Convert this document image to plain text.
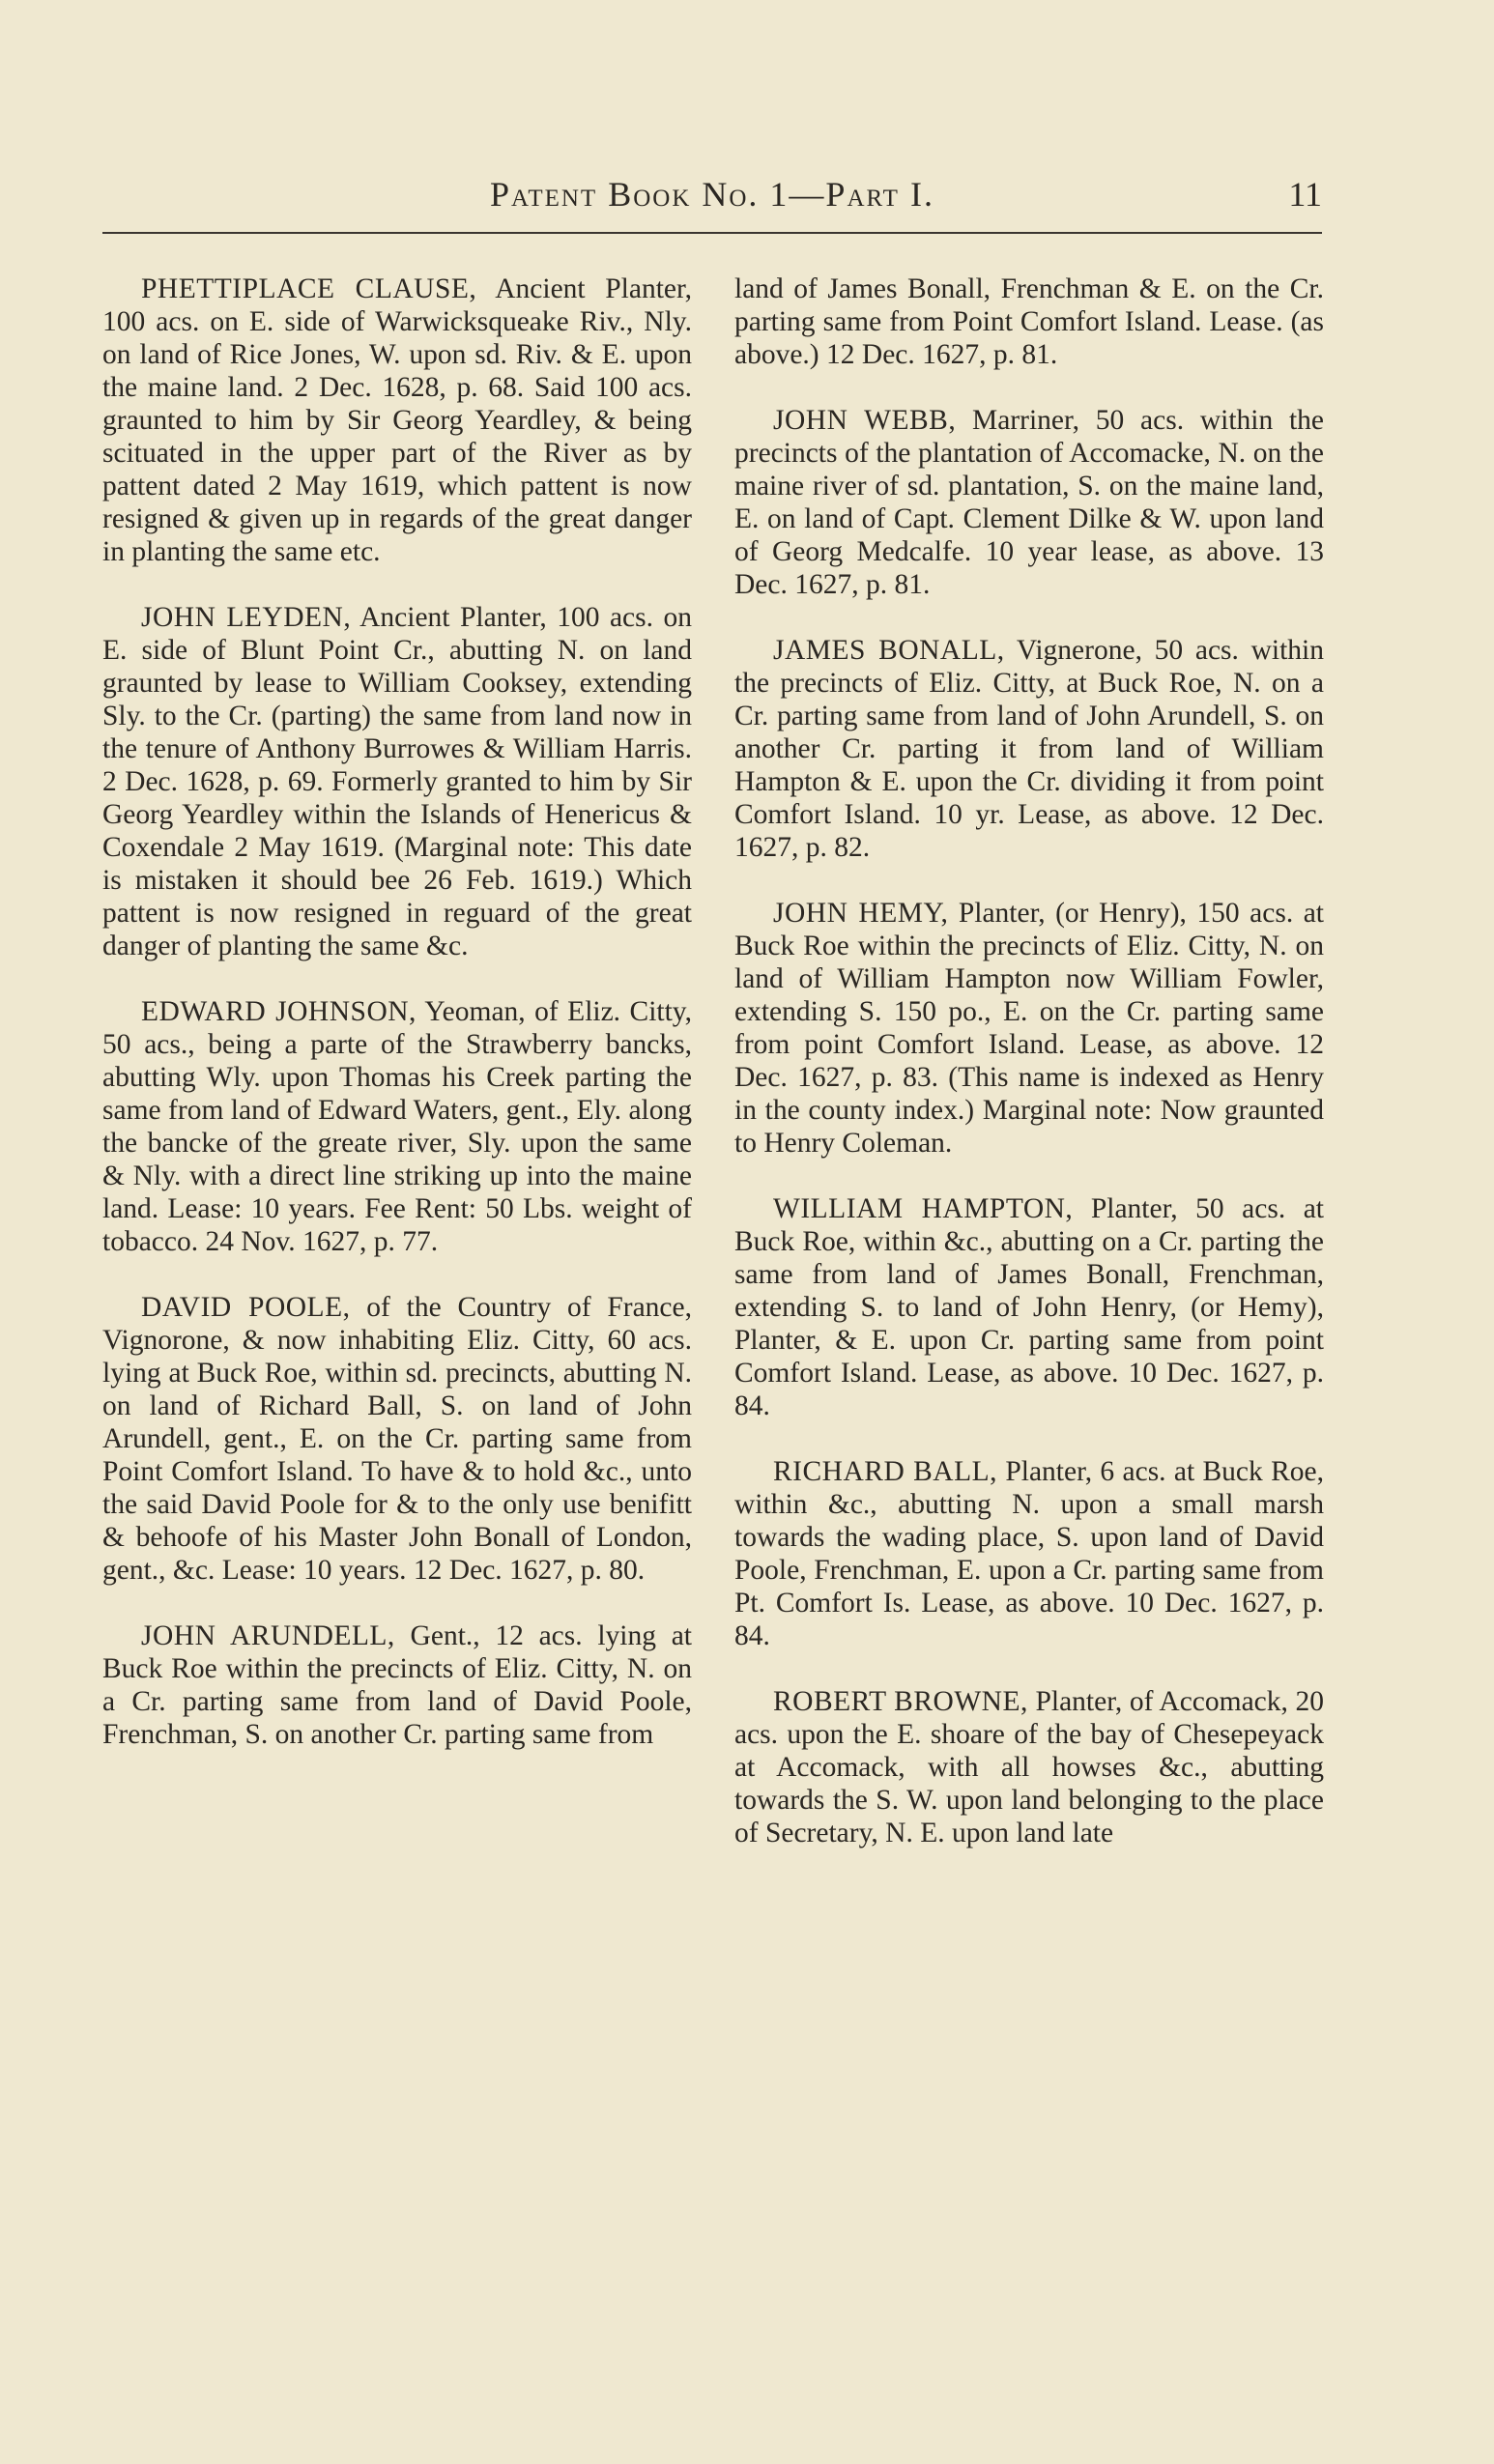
Patent Book No. 1—Part I.	11

PHETTIPLACE CLAUSE, Ancient Planter, 100 acs. on E. side of Warwicksqueake Riv., Nly. on land of Rice Jones, W. upon sd. Riv. & E. upon the maine land. 2 Dec. 1628, p. 68. Said 100 acs. graunted to him by Sir Georg Yeardley, & being scituated in the upper part of the River as by pattent dated 2 May 1619, which pattent is now resigned & given up in regards of the great danger in planting the same etc.

JOHN LEYDEN, Ancient Planter, 100 acs. on E. side of Blunt Point Cr., abutting N. on land graunted by lease to William Cooksey, extending Sly. to the Cr. (parting) the same from land now in the tenure of Anthony Burrowes & William Harris. 2 Dec. 1628, p. 69. Formerly granted to him by Sir Georg Yeardley within the Islands of Henericus & Coxendale 2 May 1619. (Marginal note: This date is mistaken it should bee 26 Feb. 1619.) Which pattent is now resigned in reguard of the great danger of planting the same &c.

EDWARD JOHNSON, Yeoman, of Eliz. Citty, 50 acs., being a parte of the Strawberry bancks, abutting Wly. upon Thomas his Creek parting the same from land of Edward Waters, gent., Ely. along the bancke of the greate river, Sly. upon the same & Nly. with a direct line striking up into the maine land. Lease: 10 years. Fee Rent: 50 Lbs. weight of tobacco. 24 Nov. 1627, p. 77.

DAVID POOLE, of the Country of France, Vignorone, & now inhabiting Eliz. Citty, 60 acs. lying at Buck Roe, within sd. precincts, abutting N. on land of Richard Ball, S. on land of John Arundell, gent., E. on the Cr. parting same from Point Comfort Island. To have & to hold &c., unto the said David Poole for & to the only use benifitt & behoofe of his Master John Bonall of London, gent., &c. Lease: 10 years. 12 Dec. 1627, p. 80.

JOHN ARUNDELL, Gent., 12 acs. lying at Buck Roe within the precincts of Eliz. Citty, N. on a Cr. parting same from land of David Poole, Frenchman, S. on another Cr. parting same from

land of James Bonall, Frenchman & E. on the Cr. parting same from Point Comfort Island. Lease. (as above.) 12 Dec. 1627, p. 81.

JOHN WEBB, Marriner, 50 acs. within the precincts of the plantation of Accomacke, N. on the maine river of sd. plantation, S. on the maine land, E. on land of Capt. Clement Dilke & W. upon land of Georg Medcalfe. 10 year lease, as above. 13 Dec. 1627, p. 81.

JAMES BONALL, Vignerone, 50 acs. within the precincts of Eliz. Citty, at Buck Roe, N. on a Cr. parting same from land of John Arundell, S. on another Cr. parting it from land of William Hampton & E. upon the Cr. dividing it from point Comfort Island. 10 yr. Lease, as above. 12 Dec. 1627, p. 82.

JOHN HEMY, Planter, (or Henry), 150 acs. at Buck Roe within the precincts of Eliz. Citty, N. on land of William Hampton now William Fowler, extending S. 150 po., E. on the Cr. parting same from point Comfort Island. Lease, as above. 12 Dec. 1627, p. 83. (This name is indexed as Henry in the county index.) Marginal note: Now graunted to Henry Coleman.

WILLIAM HAMPTON, Planter, 50 acs. at Buck Roe, within &c., abutting on a Cr. parting the same from land of James Bonall, Frenchman, extending S. to land of John Henry, (or Hemy), Planter, & E. upon Cr. parting same from point Comfort Island. Lease, as above. 10 Dec. 1627, p. 84.

RICHARD BALL, Planter, 6 acs. at Buck Roe, within &c., abutting N. upon a small marsh towards the wading place, S. upon land of David Poole, Frenchman, E. upon a Cr. parting same from Pt. Comfort Is. Lease, as above. 10 Dec. 1627, p. 84.

ROBERT BROWNE, Planter, of Accomack, 20 acs. upon the E. shoare of the bay of Chesepeyack at Accomack, with all howses &c., abutting towards the S. W. upon land belonging to the place of Secretary, N. E. upon land late
